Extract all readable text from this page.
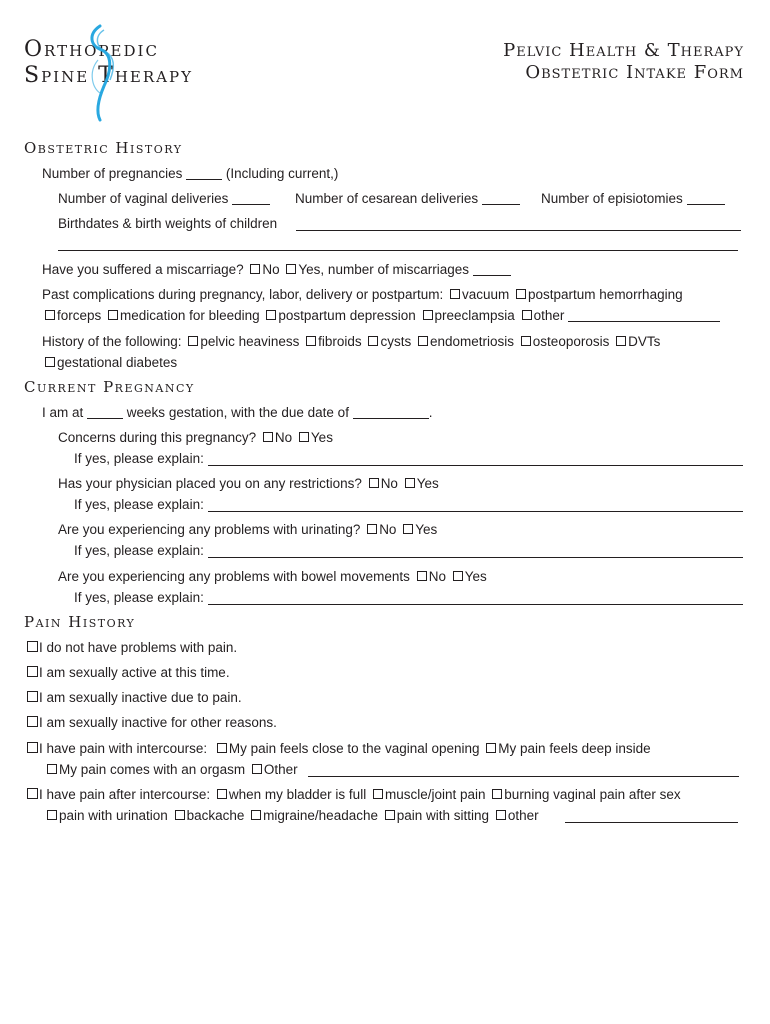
Orthopedic
Spine Therapy
Pelvic Health & Therapy
Obstetric Intake Form
Obstetric History
Number of pregnancies	(Including current,)
Number of vaginal deliveries	Number of cesarean deliveries	Number of episiotomies
Birthdates & birth weights of children
Have you suffered a miscarriage? No Yes, number of miscarriages
Past complications during pregnancy, labor, delivery or postpartum: vacuum postpartum hemorrhaging
forceps medication for bleeding postpartum depression preeclampsia other
History of the following: pelvic heaviness fibroids cysts endometriosis osteoporosis DVTs
gestational diabetes
Current Pregnancy
I am at	weeks gestation, with the due date of	.
Concerns during this pregnancy? No Yes
If yes, please explain:
Has your physician placed you on any restrictions? No Yes
If yes, please explain:
Are you experiencing any problems with urinating? No Yes
If yes, please explain:
Are you experiencing any problems with bowel movements No Yes
If yes, please explain:
Pain History
I do not have problems with pain.
I am sexually active at this time.
I am sexually inactive due to pain.
I am sexually inactive for other reasons.
I have pain with intercourse: My pain feels close to the vaginal opening My pain feels deep inside
My pain comes with an orgasm Other
I have pain after intercourse: when my bladder is full muscle/joint pain burning vaginal pain after sex
pain with urination backache migraine/headache pain with sitting other
